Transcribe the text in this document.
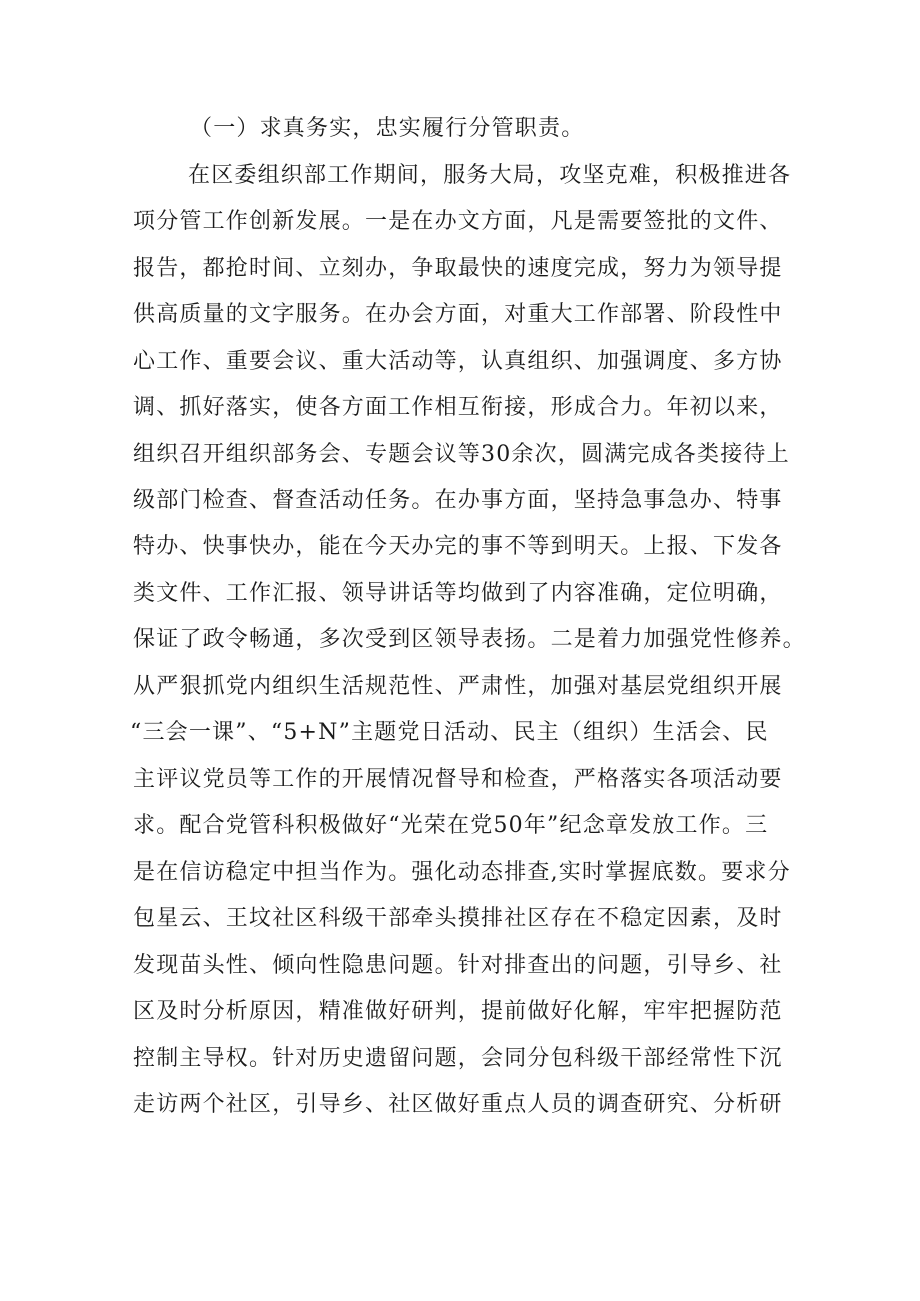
（一）求真务实，忠实履行分管职责。
在区委组织部工作期间，服务大局，攻坚克难，积极推进各
项分管工作创新发展。一是在办文方面，凡是需要签批的文件、
报告，都抢时间、立刻办，争取最快的速度完成，努力为领导提
供高质量的文字服务。在办会方面，对重大工作部署、阶段性中
心工作、重要会议、重大活动等，认真组织、加强调度、多方协
调、抓好落实，使各方面工作相互衔接，形成合力。年初以来，
组织召开组织部务会、专题会议等30余次，圆满完成各类接待上
级部门检查、督查活动任务。在办事方面，坚持急事急办、特事
特办、快事快办，能在今天办完的事不等到明天。上报、下发各
类文件、工作汇报、领导讲话等均做到了内容准确，定位明确，
保证了政令畅通，多次受到区领导表扬。二是着力加强党性修养。
从严狠抓党内组织生活规范性、严肃性，加强对基层党组织开展
“三会一课”、“5+N”主题党日活动、民主（组织）生活会、民
主评议党员等工作的开展情况督导和检查，严格落实各项活动要
求。配合党管科积极做好“光荣在党50年”纪念章发放工作。三
是在信访稳定中担当作为。强化动态排查,实时掌握底数。要求分
包星云、王坟社区科级干部牵头摸排社区存在不稳定因素，及时
发现苗头性、倾向性隐患问题。针对排查出的问题，引导乡、社
区及时分析原因，精准做好研判，提前做好化解，牢牢把握防范
控制主导权。针对历史遗留问题，会同分包科级干部经常性下沉
走访两个社区，引导乡、社区做好重点人员的调查研究、分析研
